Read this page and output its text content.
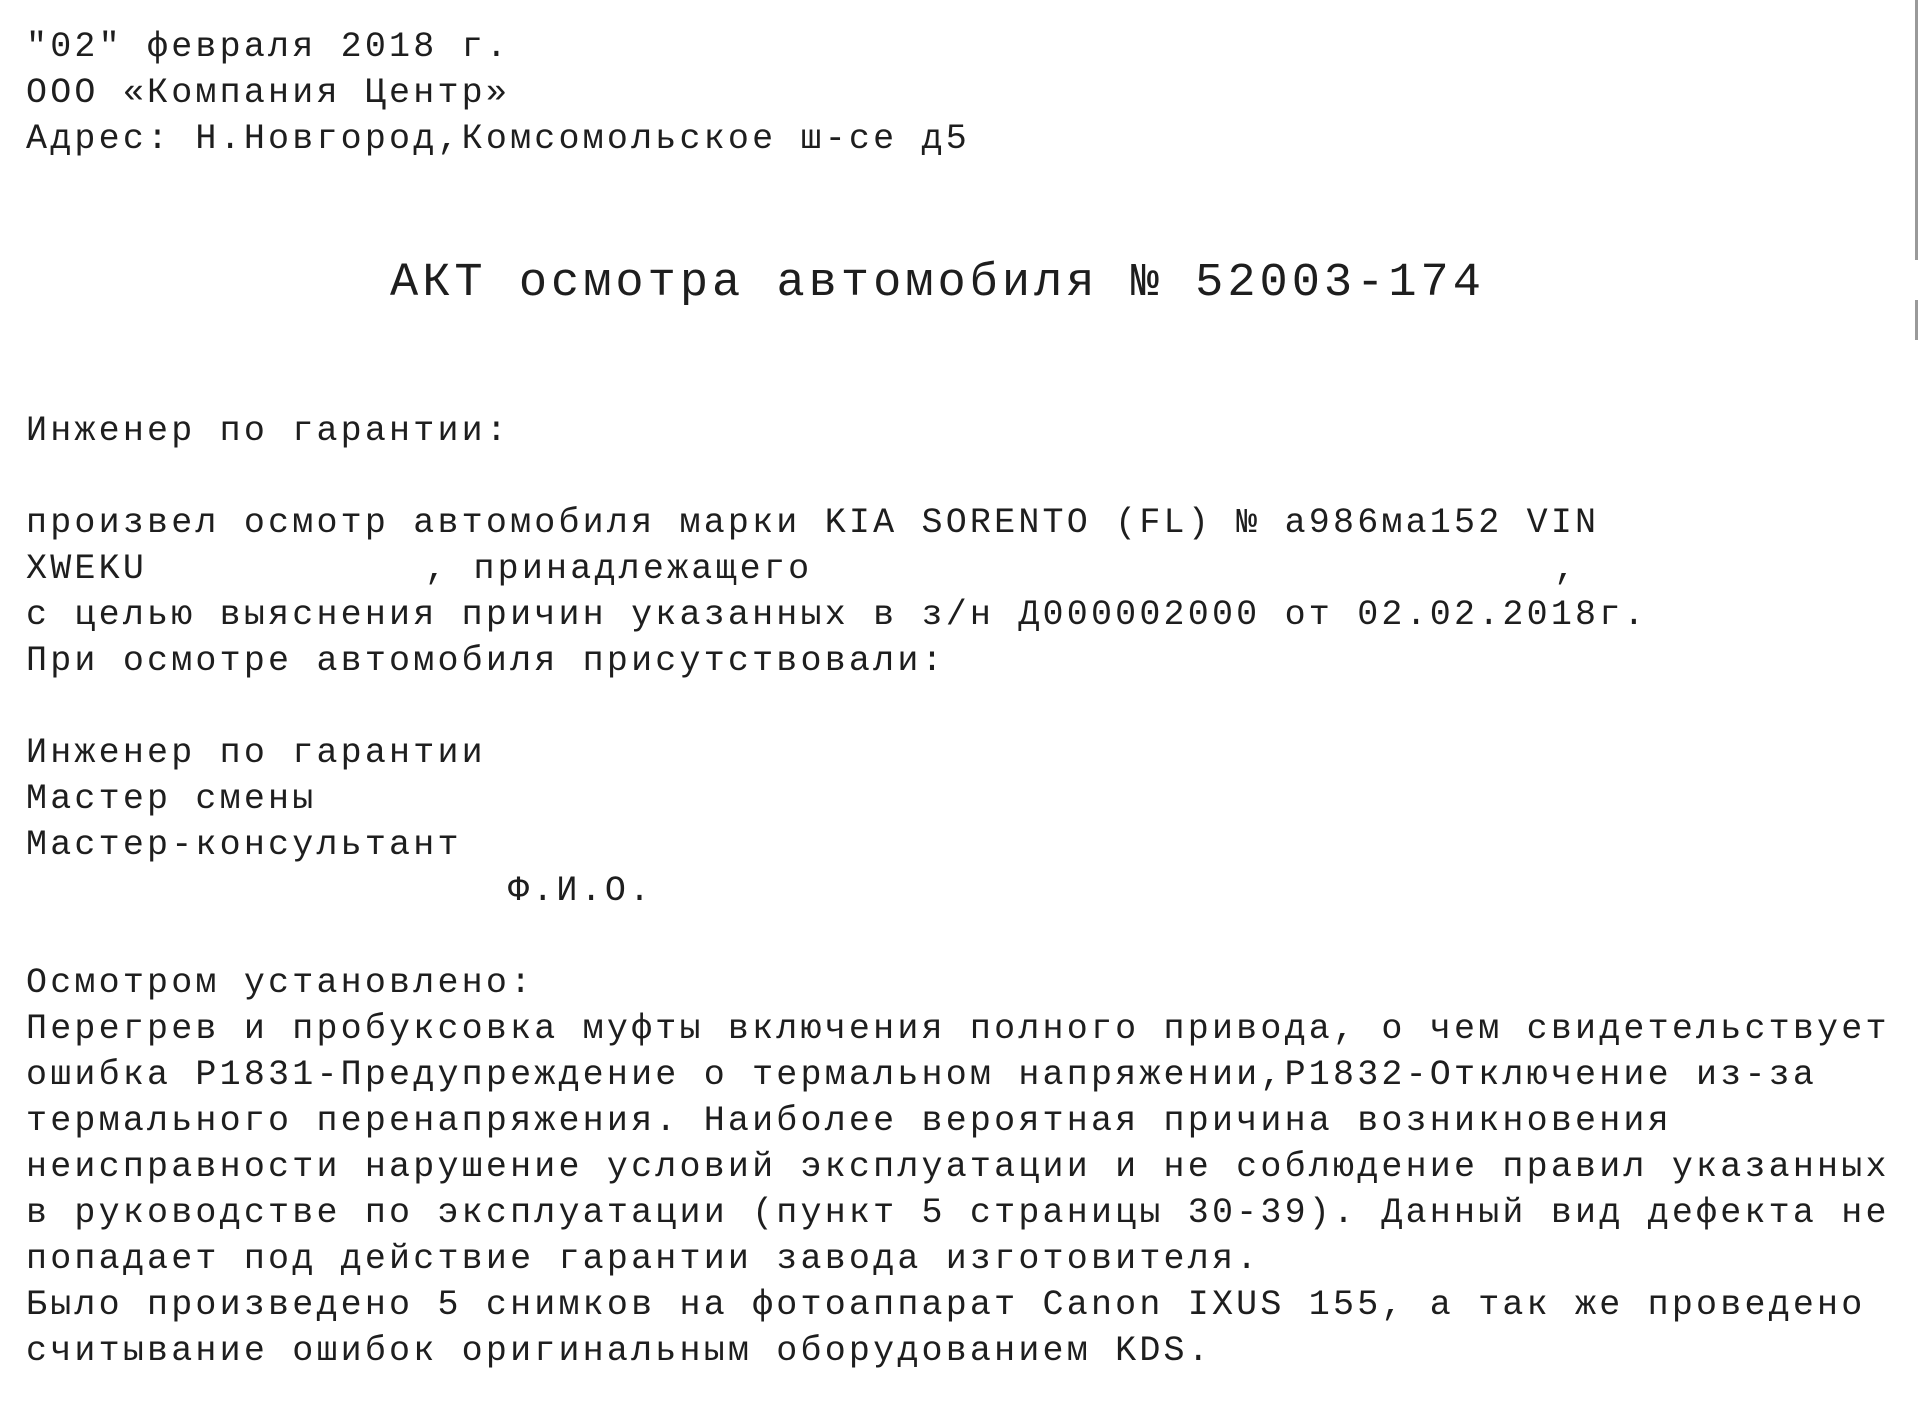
"02" февраля 2018 г.
ООО «Компания Центр»
Адрес: Н.Новгород,Комсомольское ш-се д5
АКТ осмотра автомобиля № 52003-174
Инженер по гарантии:
произвел осмотр автомобиля марки KIA SORENTO (FL) № а986ма152 VIN
XWEKU	, принадлежащего	,
с целью выяснения причин указанных в з/н Д000002000 от 02.02.2018г.
При осмотре автомобиля присутствовали:
Инженер по гарантии
Мастер смены
Мастер-консультант
Ф.И.О.
Осмотром установлено:
Перегрев и пробуксовка муфты включения полного привода, о чем свидетельствует
ошибка P1831-Предупреждение о термальном напряжении,P1832-Отключение из-за
термального перенапряжения. Наиболее вероятная причина возникновения
неисправности нарушение условий эксплуатации и не соблюдение правил указанных
в руководстве по эксплуатации (пункт 5 страницы 30-39). Данный вид дефекта не
попадает под действие гарантии завода изготовителя.
Было произведено 5 снимков на фотоаппарат Canon IXUS 155, а так же проведено
считывание ошибок оригинальным оборудованием KDS.
